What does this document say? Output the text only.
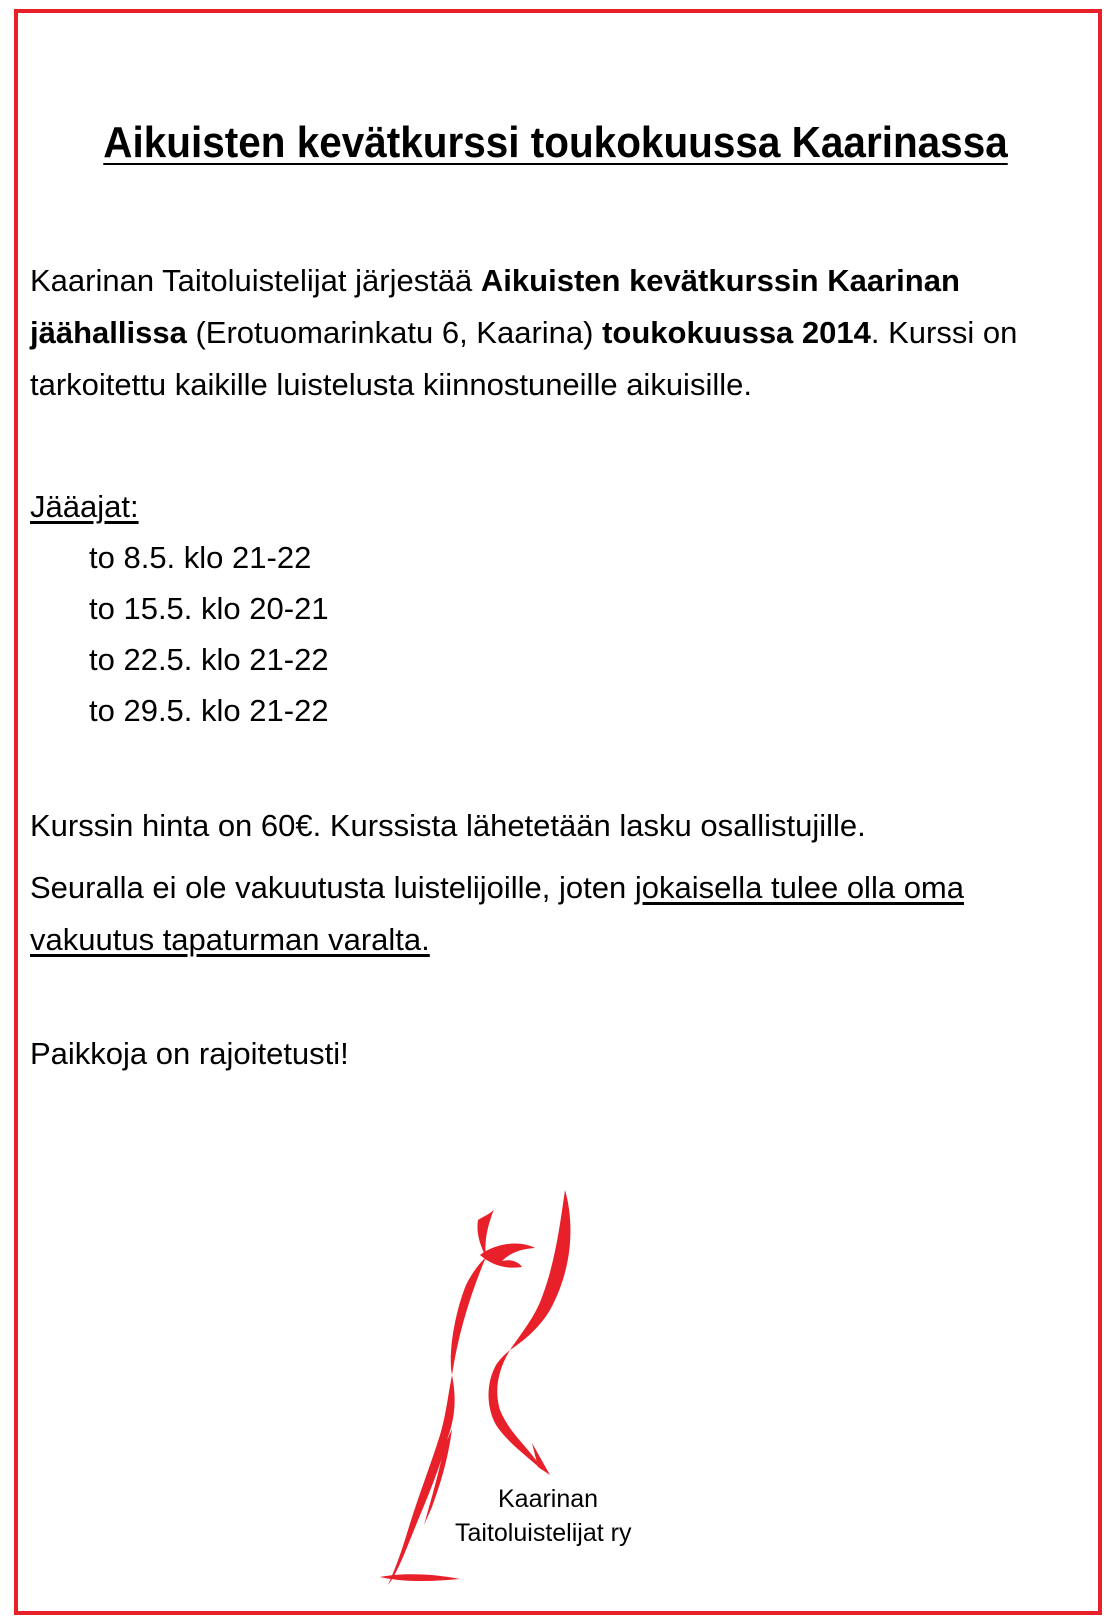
Aikuisten kevätkurssi toukokuussa Kaarinassa
Kaarinan Taitoluistelijat järjestää Aikuisten kevätkurssin Kaarinan jäähallissa (Erotuomarinkatu 6, Kaarina) toukokuussa 2014. Kurssi on tarkoitettu kaikille luistelusta kiinnostuneille aikuisille.
Jääajat:
to 8.5. klo 21-22
to 15.5. klo 20-21
to 22.5. klo 21-22
to 29.5. klo 21-22
Kurssin hinta on 60€. Kurssista lähetetään lasku osallistujille.
Seuralla ei ole vakuutusta luistelijoille, joten jokaisella tulee olla oma vakuutus tapaturman varalta.
Paikkoja on rajoitetusti!
Kaarinan
Taitoluistelijat ry
